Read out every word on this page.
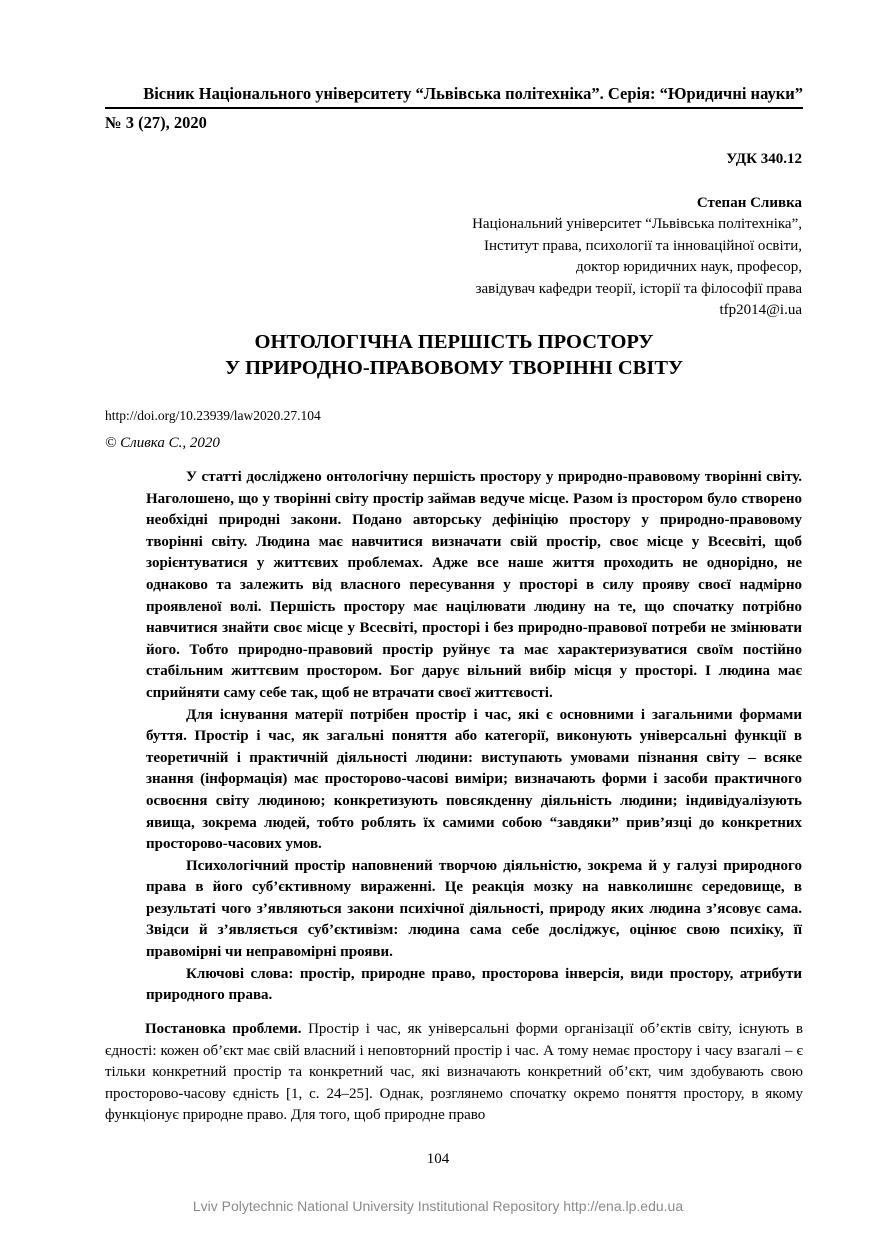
Вісник Національного університету “Львівська політехніка”. Серія: “Юридичні науки”
№ 3 (27), 2020
УДК 340.12
Степан Сливка
Національний університет “Львівська політехніка”,
Інститут права, психології та інноваційної освіти,
доктор юридичних наук, професор,
завідувач кафедри теорії, історії та філософії права
tfp2014@i.ua
ОНТОЛОГІЧНА ПЕРШІСТЬ ПРОСТОРУ
У ПРИРОДНО-ПРАВОВОМУ ТВОРІННІ СВІТУ
http://doi.org/10.23939/law2020.27.104
© Сливка С., 2020

У статті досліджено онтологічну першість простору у природно-правовому творінні світу. Наголошено, що у творінні світу простір займав ведуче місце. Разом із простором було створено необхідні природні закони. Подано авторську дефініцію простору у природно-правовому творінні світу. Людина має навчитися визначати свій простір, своє місце у Всесвіті, щоб зорієнтуватися у життєвих проблемах. Адже все наше життя проходить не однорідно, не однаково та залежить від власного пересування у просторі в силу прояву своєї надмірно проявленої волі. Першість простору має націлювати людину на те, що спочатку потрібно навчитися знайти своє місце у Всесвіті, просторі і без природно-правової потреби не змінювати його. Тобто природно-правовий простір руйнує та має характеризуватися своїм постійно стабільним життєвим простором. Бог дарує вільний вибір місця у просторі. І людина має сприйняти саму себе так, щоб не втрачати своєї життєвості.

Для існування матерії потрібен простір і час, які є основними і загальними формами буття. Простір і час, як загальні поняття або категорії, виконують універсальні функції в теоретичній і практичній діяльності людини: виступають умовами пізнання світу – всяке знання (інформація) має просторово-часові виміри; визначають форми і засоби практичного освоєння світу людиною; конкретизують повсякденну діяльність людини; індивідуалізують явища, зокрема людей, тобто роблять їх самими собою “завдяки” прив’язці до конкретних просторово-часових умов.

Психологічний простір наповнений творчою діяльністю, зокрема й у галузі природного права в його суб’єктивному вираженні. Це реакція мозку на навколишнє середовище, в результаті чого з’являються закони психічної діяльності, природу яких людина з’ясовує сама. Звідси й з’являється суб’єктивізм: людина сама себе досліджує, оцінює свою психіку, її правомірні чи неправомірні прояви.

Ключові слова: простір, природне право, просторова інверсія, види простору, атрибути природного права.

Постановка проблеми. Простір і час, як універсальні форми організації об’єктів світу, існують в єдності: кожен об’єкт має свій власний і неповторний простір і час. А тому немає простору і часу взагалі – є тільки конкретний простір та конкретний час, які визначають конкретний об’єкт, чим здобувають свою просторово-часову єдність [1, с. 24–25]. Однак, розглянемо спочатку окремо поняття простору, в якому функціонує природне право. Для того, щоб природне право

104
Lviv Polytechnic National University Institutional Repository http://ena.lp.edu.ua
